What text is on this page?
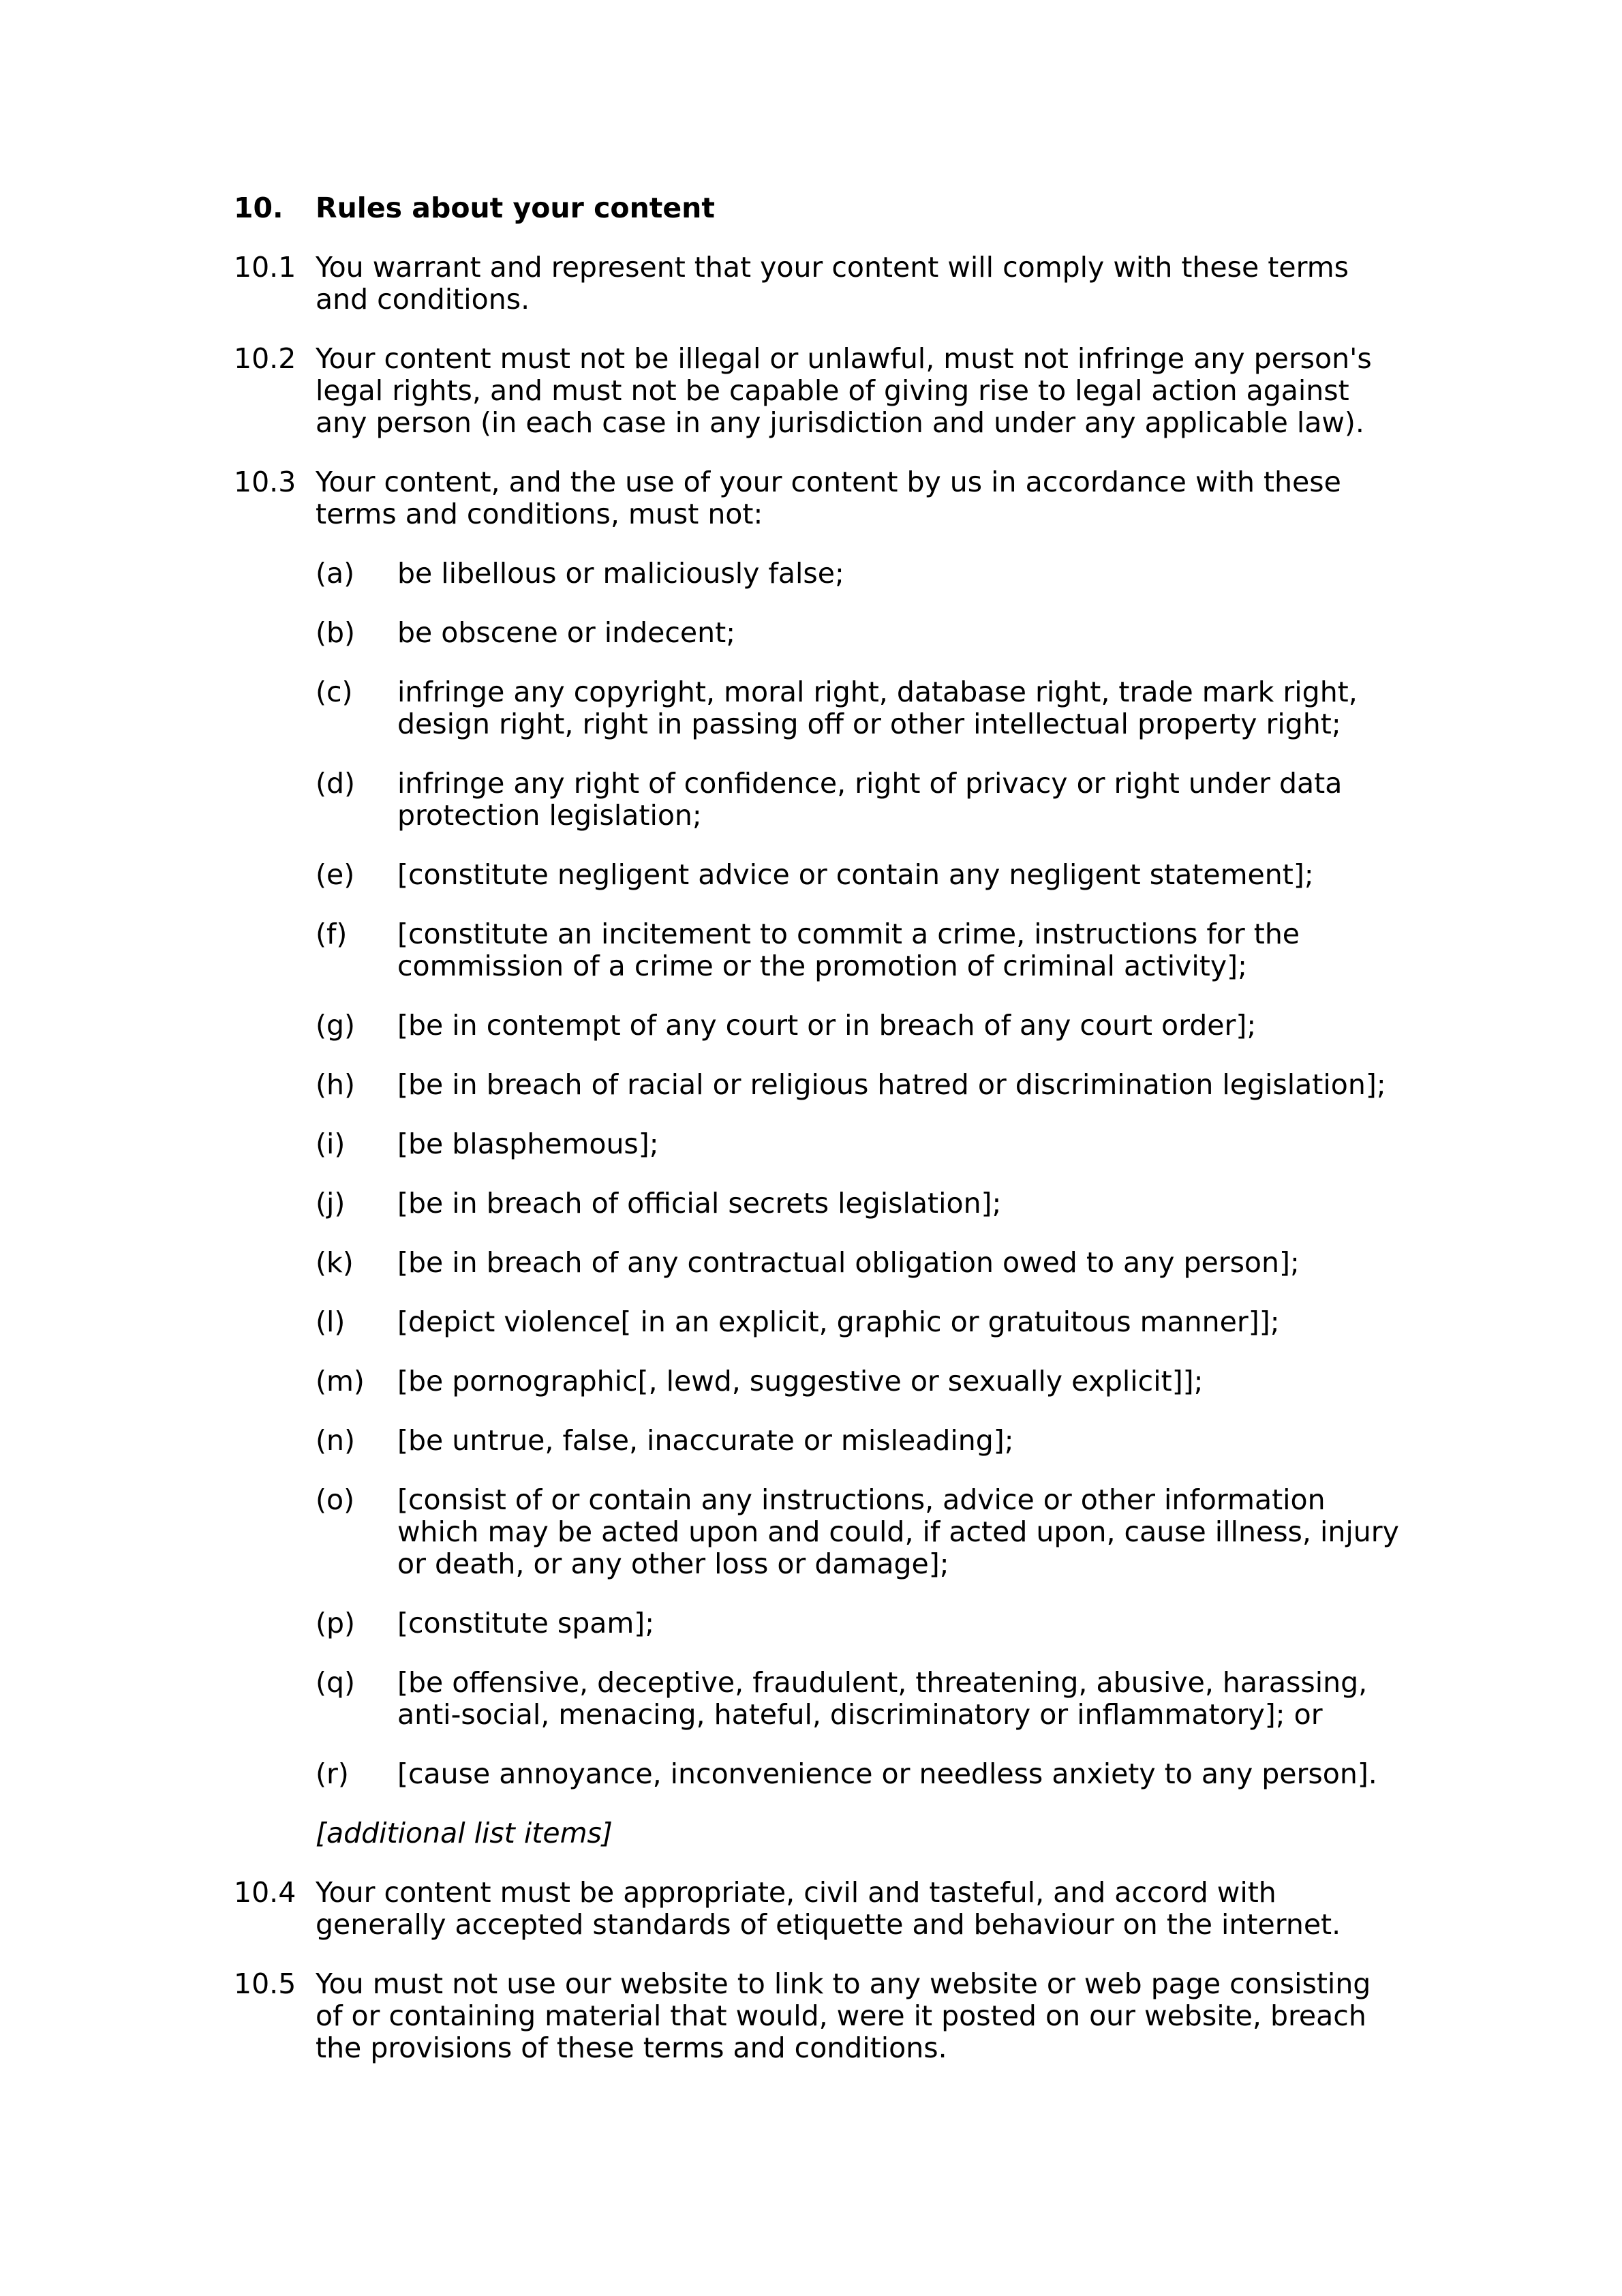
10.	Rules about your content
10.1 You warrant and represent that your content will comply with these terms and conditions.
10.2 Your content must not be illegal or unlawful, must not infringe any person's legal rights, and must not be capable of giving rise to legal action against any person (in each case in any jurisdiction and under any applicable law).
10.3 Your content, and the use of your content by us in accordance with these terms and conditions, must not:
(a)	be libellous or maliciously false;
(b)	be obscene or indecent;
(c)	infringe any copyright, moral right, database right, trade mark right, design right, right in passing off or other intellectual property right;
(d)	infringe any right of confidence, right of privacy or right under data protection legislation;
(e)	[constitute negligent advice or contain any negligent statement];
(f)	[constitute an incitement to commit a crime, instructions for the commission of a crime or the promotion of criminal activity];
(g)	[be in contempt of any court or in breach of any court order];
(h)	[be in breach of racial or religious hatred or discrimination legislation];
(i)	[be blasphemous];
(j)	[be in breach of official secrets legislation];
(k)	[be in breach of any contractual obligation owed to any person];
(l)	[depict violence[ in an explicit, graphic or gratuitous manner]];
(m)	[be pornographic[, lewd, suggestive or sexually explicit]];
(n)	[be untrue, false, inaccurate or misleading];
(o)	[consist of or contain any instructions, advice or other information which may be acted upon and could, if acted upon, cause illness, injury or death, or any other loss or damage];
(p)	[constitute spam];
(q)	[be offensive, deceptive, fraudulent, threatening, abusive, harassing, anti-social, menacing, hateful, discriminatory or inflammatory]; or
(r)	[cause annoyance, inconvenience or needless anxiety to any person].
[additional list items]
10.4 Your content must be appropriate, civil and tasteful, and accord with generally accepted standards of etiquette and behaviour on the internet.
10.5 You must not use our website to link to any website or web page consisting of or containing material that would, were it posted on our website, breach the provisions of these terms and conditions.
